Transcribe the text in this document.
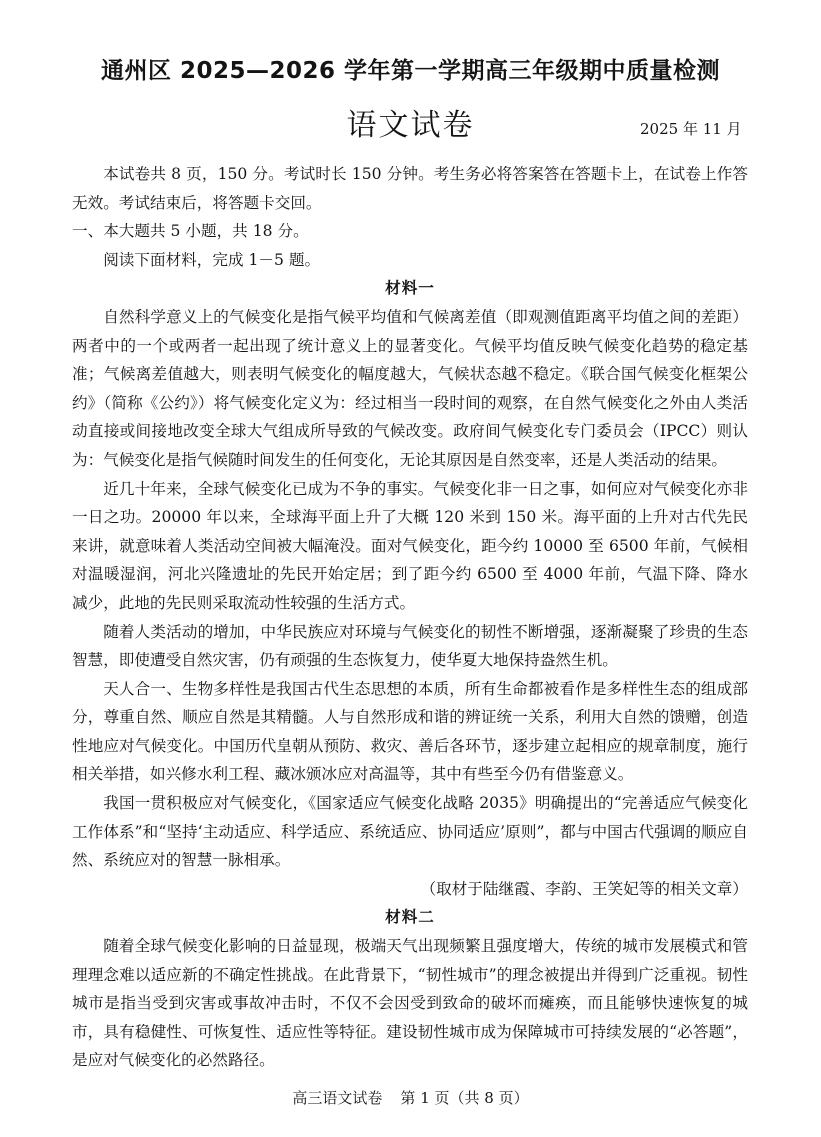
通州区 2025—2026 学年第一学期高三年级期中质量检测
语文试卷	2025 年 11 月

本试卷共 8 页，150 分。考试时长 150 分钟。考生务必将答案答在答题卡上，在试卷上作答无效。考试结束后，将答题卡交回。

一、本大题共 5 小题，共 18 分。

阅读下面材料，完成 1－5 题。

材料一

自然科学意义上的气候变化是指气候平均值和气候离差值（即观测值距离平均值之间的差距）两者中的一个或两者一起出现了统计意义上的显著变化。气候平均值反映气候变化趋势的稳定基准；气候离差值越大，则表明气候变化的幅度越大，气候状态越不稳定。《联合国气候变化框架公约》（简称《公约》）将气候变化定义为：经过相当一段时间的观察，在自然气候变化之外由人类活动直接或间接地改变全球大气组成所导致的气候改变。政府间气候变化专门委员会（IPCC）则认为：气候变化是指气候随时间发生的任何变化，无论其原因是自然变率，还是人类活动的结果。

近几十年来，全球气候变化已成为不争的事实。气候变化非一日之事，如何应对气候变化亦非一日之功。20000 年以来，全球海平面上升了大概 120 米到 150 米。海平面的上升对古代先民来讲，就意味着人类活动空间被大幅淹没。面对气候变化，距今约 10000 至 6500 年前，气候相对温暖湿润，河北兴隆遗址的先民开始定居；到了距今约 6500 至 4000 年前，气温下降、降水减少，此地的先民则采取流动性较强的生活方式。

随着人类活动的增加，中华民族应对环境与气候变化的韧性不断增强，逐渐凝聚了珍贵的生态智慧，即使遭受自然灾害，仍有顽强的生态恢复力，使华夏大地保持盎然生机。

天人合一、生物多样性是我国古代生态思想的本质，所有生命都被看作是多样性生态的组成部分，尊重自然、顺应自然是其精髓。人与自然形成和谐的辨证统一关系，利用大自然的馈赠，创造性地应对气候变化。中国历代皇朝从预防、救灾、善后各环节，逐步建立起相应的规章制度，施行相关举措，如兴修水利工程、藏冰颁冰应对高温等，其中有些至今仍有借鉴意义。

我国一贯积极应对气候变化，《国家适应气候变化战略 2035》明确提出的“完善适应气候变化工作体系”和“坚持‘主动适应、科学适应、系统适应、协同适应’原则”，都与中国古代强调的顺应自然、系统应对的智慧一脉相承。

（取材于陆继霞、李韵、王笑妃等的相关文章）

材料二

随着全球气候变化影响的日益显现，极端天气出现频繁且强度增大，传统的城市发展模式和管理理念难以适应新的不确定性挑战。在此背景下，“韧性城市”的理念被提出并得到广泛重视。韧性城市是指当受到灾害或事故冲击时，不仅不会因受到致命的破坏而瘫痪，而且能够快速恢复的城市，具有稳健性、可恢复性、适应性等特征。建设韧性城市成为保障城市可持续发展的“必答题”，是应对气候变化的必然路径。

高三语文试卷 第 1 页（共 8 页）
